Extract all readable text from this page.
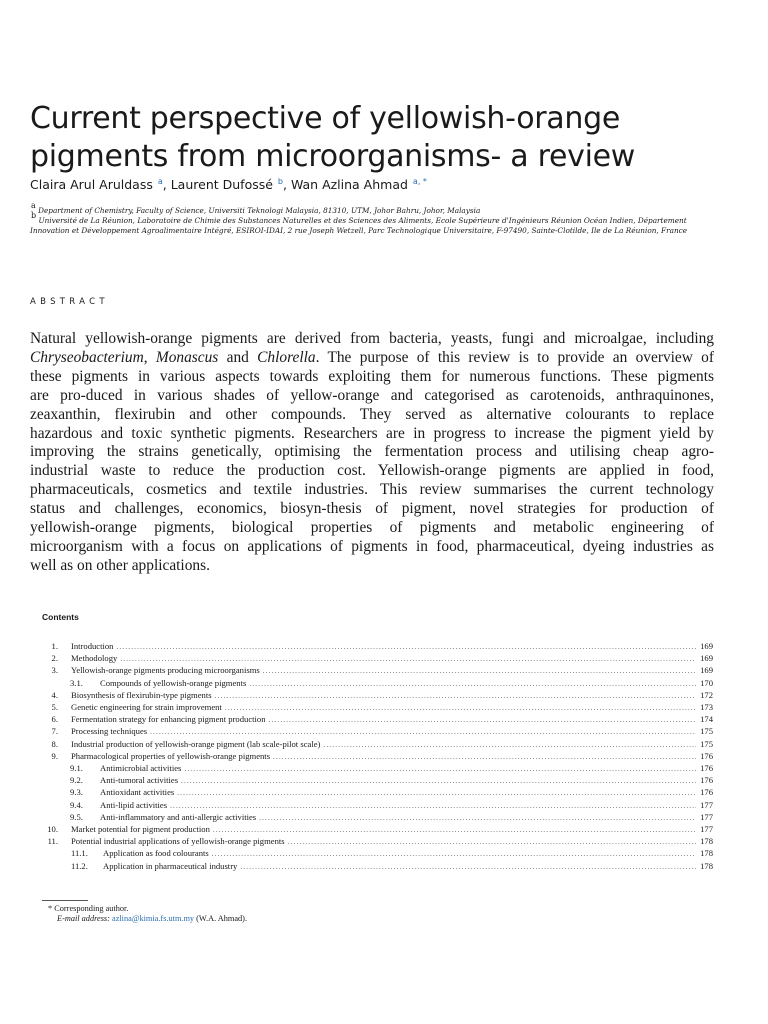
Current perspective of yellowish-orange
pigments from microorganisms- a review
Claira Arul Aruldass $^a$, Laurent Dufossé $^b$, Wan Azlina Ahmad $^{a, *}$
$^a$ Department of Chemistry, Faculty of Science, Universiti Teknologi Malaysia, 81310, UTM, Johor Bahru, Johor, Malaysia
$^b$ Université de La Réunion, Laboratoire de Chimie des Substances Naturelles et des Sciences des Aliments, Ecole Supérieure d'Ingénieurs Réunion Océan Indien, Département
Innovation et Développement Agroalimentaire Intégré, ESIROI-IDAI, 2 rue Joseph Wetzell, Parc Technologique Universitaire, F-97490, Sainte-Clotilde, Ile de La Réunion, France
ABSTRACT
Natural yellowish-orange pigments are derived from bacteria, yeasts, fungi and microalgae, including
Chryseobacterium, Monascus and Chlorella. The purpose of this review is to provide an overview of
these pigments in various aspects towards exploiting them for numerous functions. These pigments
are pro-duced in various shades of yellow-orange and categorised as carotenoids, anthraquinones,
zeaxanthin, flexirubin and other compounds. They served as alternative colourants to replace
hazardous and toxic synthetic pigments. Researchers are in progress to increase the pigment yield by
improving the strains genetically, optimising the fermentation process and utilising cheap agro-
industrial waste to reduce the production cost. Yellowish-orange pigments are applied in food,
pharmaceuticals, cosmetics and textile industries. This review summarises the current technology
status and challenges, economics, biosyn-thesis of pigment, novel strategies for production of
yellowish-orange pigments, biological properties of pigments and metabolic engineering of
microorganism with a focus on applications of pigments in food, pharmaceutical, dyeing industries as
well as on other applications.
Contents
1. Introduction .....	169
2. Methodology .....	169
3. Yellowish-orange pigments producing microorganisms .....	169
3.1.	Compounds of yellowish-orange pigments .....	170
4. Biosynthesis of flexirubin-type pigments .....	172
5. Genetic engineering for strain improvement .....	173
6. Fermentation strategy for enhancing pigment production .....	174
7. Processing techniques .....	175
8. Industrial production of yellowish-orange pigment (lab scale-pilot scale) .....	175
9. Pharmacological properties of yellowish-orange pigments .....	176
9.1.	Antimicrobial activities .....	176
9.2.	Anti-tumoral activities .....	176
9.3.	Antioxidant activities .....	176
9.4.	Anti-lipid activities .....	177
9.5.	Anti-inflammatory and anti-allergic activities .....	177
10. Market potential for pigment production .....	177
11. Potential industrial applications of yellowish-orange pigments .....	178
11.1.	Application as food colourants .....	178
11.2.	Application in pharmaceutical industry .....	178
* Corresponding author.
E-mail address: azlina@kimia.fs.utm.my (W.A. Ahmad).
